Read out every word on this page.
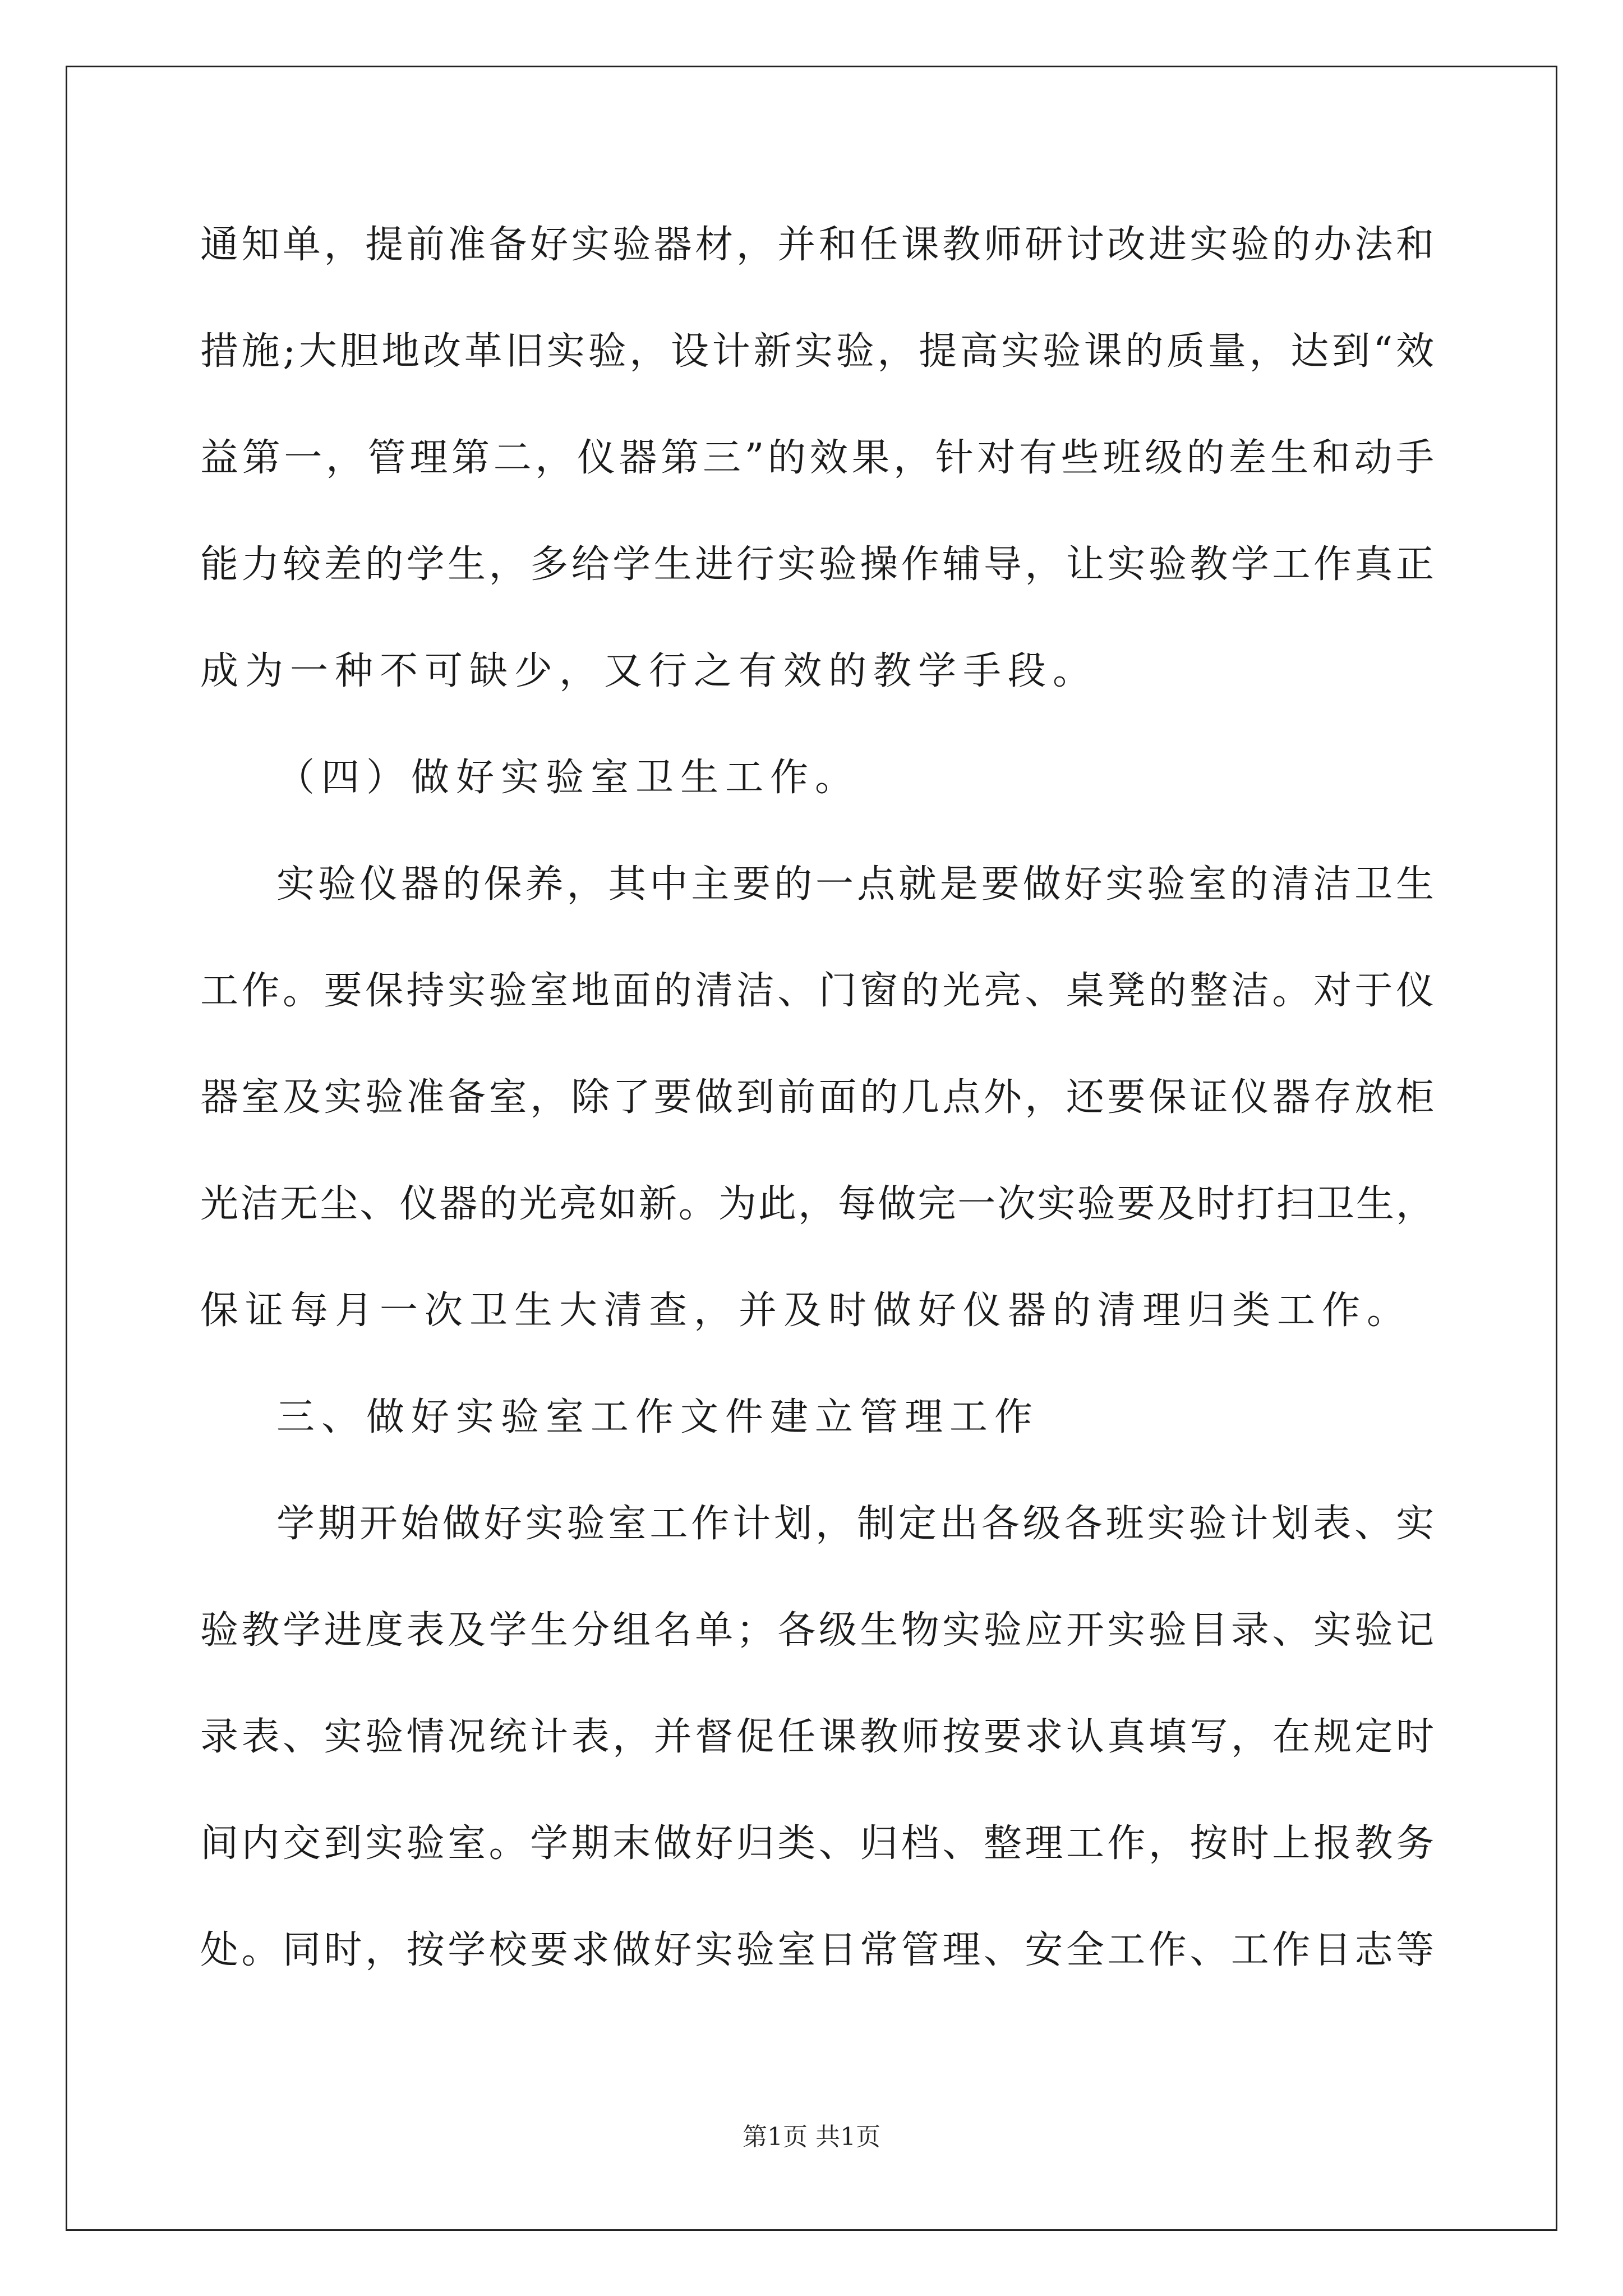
通知单，提前准备好实验器材，并和任课教师研讨改进实验的办法和
措施;大胆地改革旧实验，设计新实验，提高实验课的质量，达到“效
益第一，管理第二，仪器第三”的效果，针对有些班级的差生和动手
能力较差的学生，多给学生进行实验操作辅导，让实验教学工作真正
成为一种不可缺少，又行之有效的教学手段。
（四）做好实验室卫生工作。
实验仪器的保养，其中主要的一点就是要做好实验室的清洁卫生
工作。要保持实验室地面的清洁、门窗的光亮、桌凳的整洁。对于仪
器室及实验准备室，除了要做到前面的几点外，还要保证仪器存放柜
光洁无尘、仪器的光亮如新。为此，每做完一次实验要及时打扫卫生，
保证每月一次卫生大清查，并及时做好仪器的清理归类工作。
三、做好实验室工作文件建立管理工作
学期开始做好实验室工作计划，制定出各级各班实验计划表、实
验教学进度表及学生分组名单；各级生物实验应开实验目录、实验记
录表、实验情况统计表，并督促任课教师按要求认真填写，在规定时
间内交到实验室。学期末做好归类、归档、整理工作，按时上报教务
处。同时，按学校要求做好实验室日常管理、安全工作、工作日志等
第1页 共1页
